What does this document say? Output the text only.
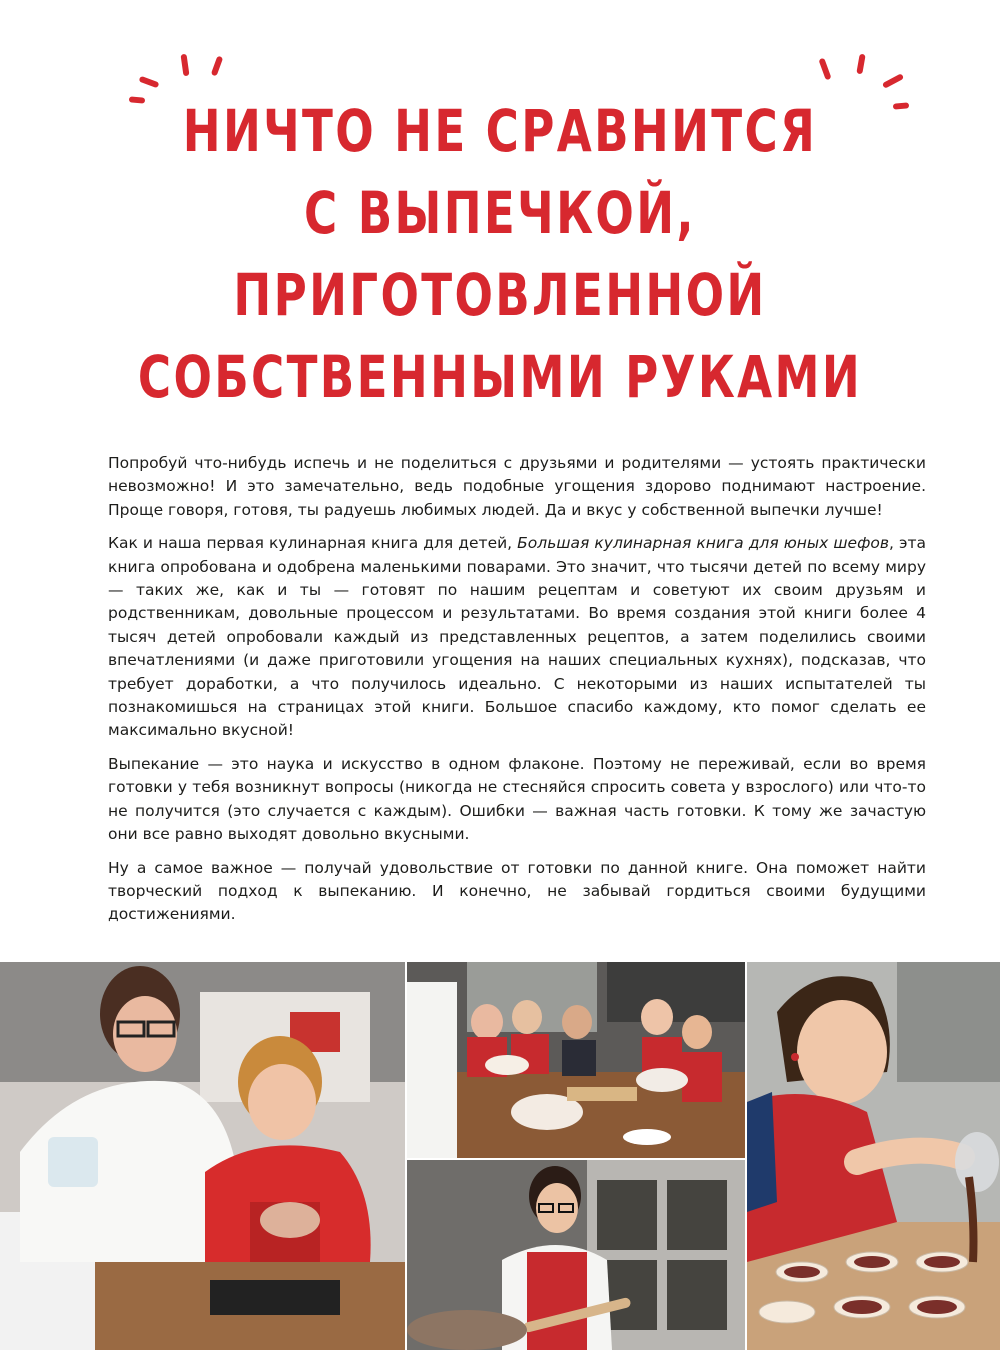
НИЧТО НЕ СРАВНИТСЯ
С ВЫПЕЧКОЙ,
ПРИГОТОВЛЕННОЙ
СОБСТВЕННЫМИ РУКАМИ

Попробуй что-нибудь испечь и не поделиться с друзьями и родителями — устоять практически невозможно! И это замечательно, ведь подобные угощения здорово поднимают настроение. Проще говоря, готовя, ты радуешь любимых людей. Да и вкус у собственной выпечки лучше!

Как и наша первая кулинарная книга для детей, Большая кулинарная книга для юных шефов, эта книга опробована и одобрена маленькими поварами. Это значит, что тысячи детей по всему миру — таких же, как и ты — готовят по нашим рецептам и советуют их своим друзьям и родственникам, довольные процессом и результатами. Во время создания этой книги более 4 тысяч детей опробовали каждый из представленных рецептов, а затем поделились своими впечатлениями (и даже приготовили угощения на наших специальных кухнях), подсказав, что требует доработки, а что получилось идеально. С некоторыми из наших испытателей ты познакомишься на страницах этой книги. Большое спасибо каждому, кто помог сделать ее максимально вкусной!

Выпекание — это наука и искусство в одном флаконе. Поэтому не переживай, если во время готовки у тебя возникнут вопросы (никогда не стесняйся спросить совета у взрослого) или что-то не получится (это случается с каждым). Ошибки — важная часть готовки. К тому же зачастую они все равно выходят довольно вкусными.

Ну а самое важное — получай удовольствие от готовки по данной книге. Она поможет найти творческий подход к выпеканию. И конечно, не забывай гордиться своими будущими достижениями.
